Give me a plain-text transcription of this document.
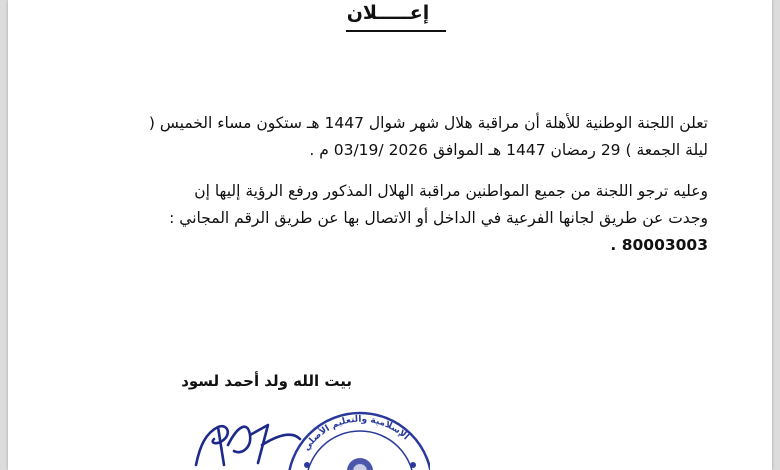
إعـــــلان
تعلن اللجنة الوطنية للأهلة أن مراقبة هلال شهر شوال 1447 هـ ستكون مساء الخميس (
ليلة الجمعة ) 29 رمضان 1447 هـ الموافق 2026 /03/19 م .
وعليه ترجو اللجنة من جميع المواطنين مراقبة الهلال المذكور ورفع الرؤية إليها إن
وجدت عن طريق لجانها الفرعية في الداخل أو الاتصال بها عن طريق الرقم المجاني :
80003003 .
بيت الله ولد أحمد لسود
الإسلامية والتعليم الأصلي
